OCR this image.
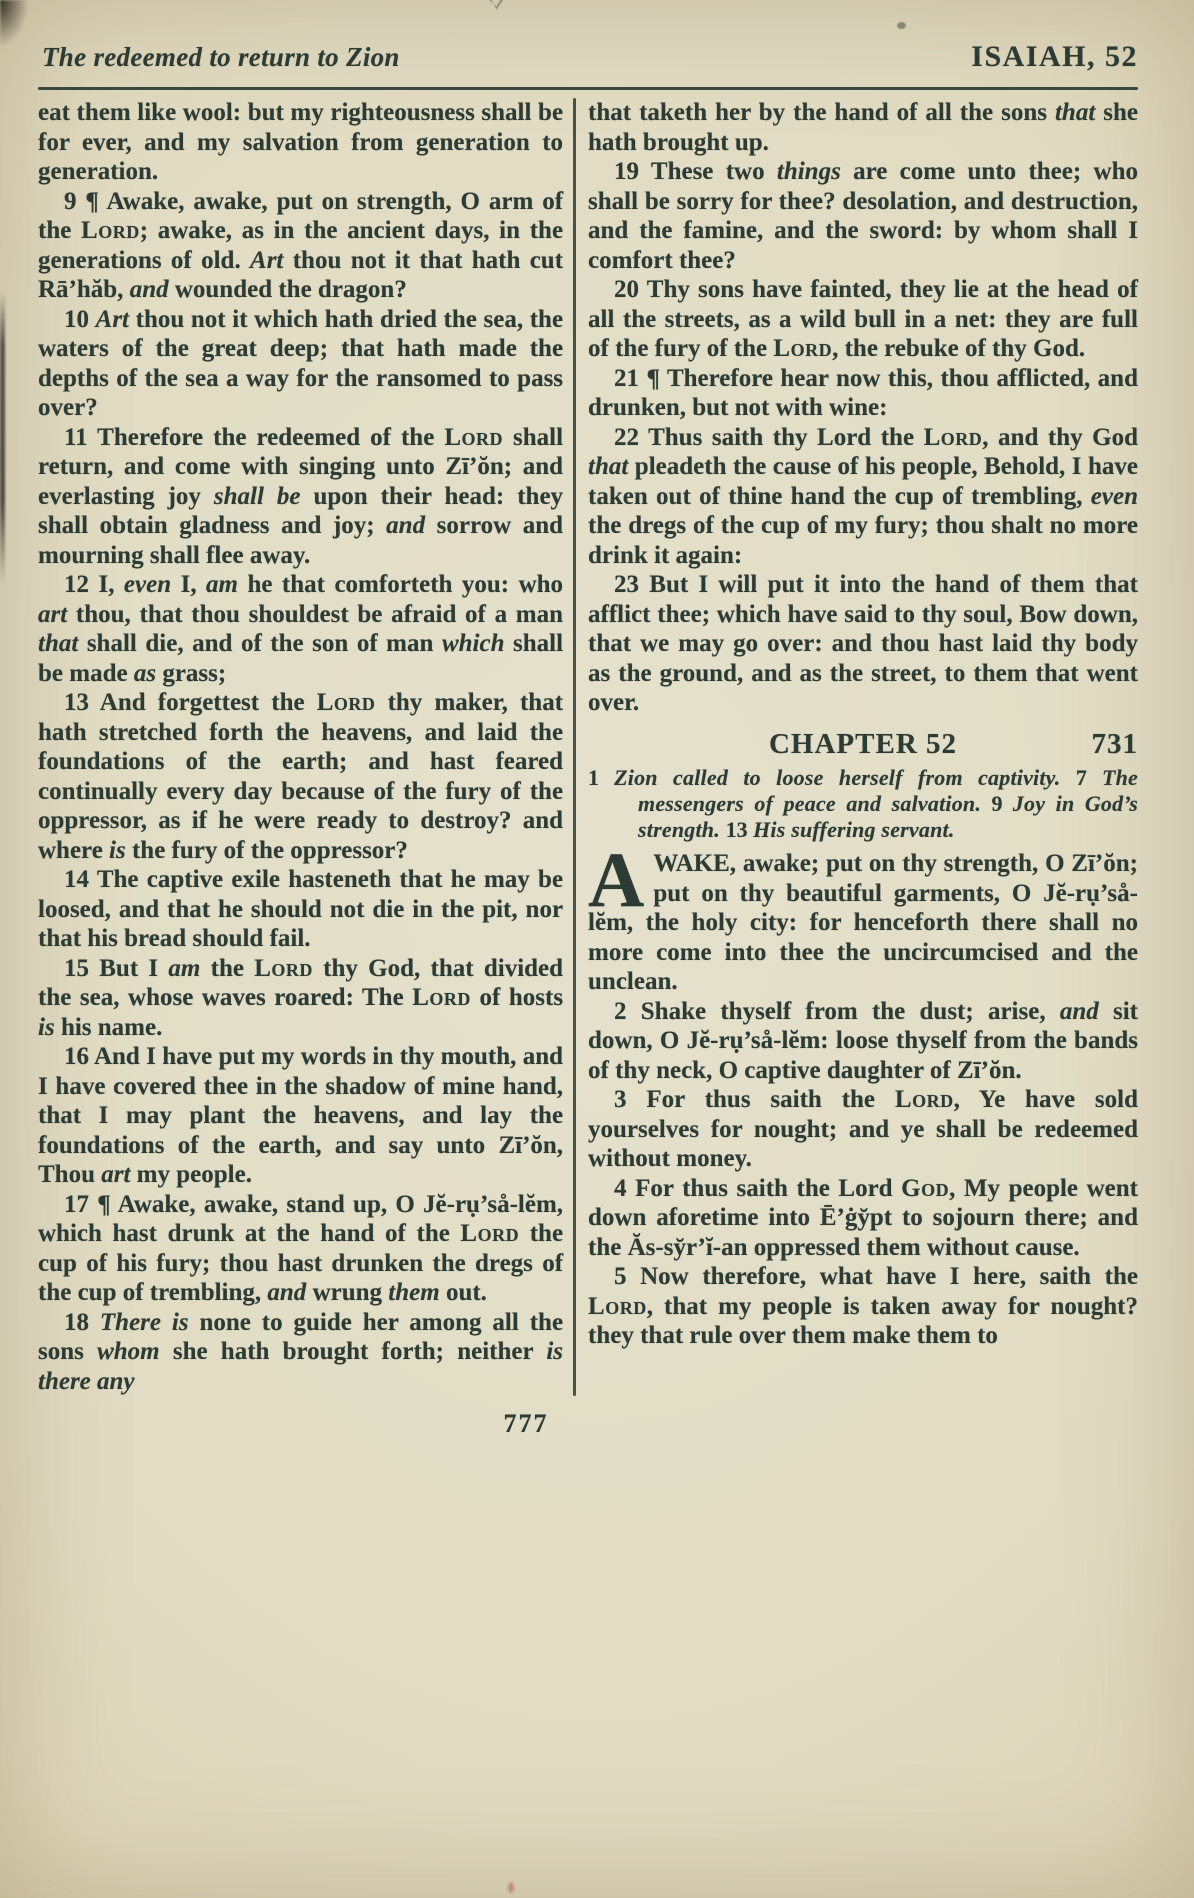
The redeemed to return to Zion	ISAIAH, 52

eat them like wool: but my righteousness shall be for ever, and my salvation from generation to generation.

9 ¶ Awake, awake, put on strength, O arm of the Lord; awake, as in the ancient days, in the generations of old. Art thou not it that hath cut Rā’hăb, and wounded the dragon?

10 Art thou not it which hath dried the sea, the waters of the great deep; that hath made the depths of the sea a way for the ransomed to pass over?

11 Therefore the redeemed of the Lord shall return, and come with singing unto Zī’ŏn; and everlasting joy shall be upon their head: they shall obtain gladness and joy; and sorrow and mourning shall flee away.

12 I, even I, am he that comforteth you: who art thou, that thou shouldest be afraid of a man that shall die, and of the son of man which shall be made as grass;

13 And forgettest the Lord thy maker, that hath stretched forth the heavens, and laid the foundations of the earth; and hast feared continually every day because of the fury of the oppressor, as if he were ready to destroy? and where is the fury of the oppressor?

14 The captive exile hasteneth that he may be loosed, and that he should not die in the pit, nor that his bread should fail.

15 But I am the Lord thy God, that divided the sea, whose waves roared: The Lord of hosts is his name.

16 And I have put my words in thy mouth, and I have covered thee in the shadow of mine hand, that I may plant the heavens, and lay the foundations of the earth, and say unto Zī’ŏn, Thou art my people.

17 ¶ Awake, awake, stand up, O Jĕ-rụ’så-lĕm, which hast drunk at the hand of the Lord the cup of his fury; thou hast drunken the dregs of the cup of trembling, and wrung them out.

18 There is none to guide her among all the sons whom she hath brought forth; neither is there any

that taketh her by the hand of all the sons that she hath brought up.

19 These two things are come unto thee; who shall be sorry for thee? desolation, and destruction, and the famine, and the sword: by whom shall I comfort thee?

20 Thy sons have fainted, they lie at the head of all the streets, as a wild bull in a net: they are full of the fury of the Lord, the rebuke of thy God.

21 ¶ Therefore hear now this, thou afflicted, and drunken, but not with wine:

22 Thus saith thy Lord the Lord, and thy God that pleadeth the cause of his people, Behold, I have taken out of thine hand the cup of trembling, even the dregs of the cup of my fury; thou shalt no more drink it again:

23 But I will put it into the hand of them that afflict thee; which have said to thy soul, Bow down, that we may go over: and thou hast laid thy body as the ground, and as the street, to them that went over.

CHAPTER 52	731

1 Zion called to loose herself from captivity. 7 The messengers of peace and salvation. 9 Joy in God’s strength. 13 His suffering servant.

AWAKE, awake; put on thy strength, O Zī’ŏn; put on thy beautiful garments, O Jĕ-rụ’så-lĕm, the holy city: for henceforth there shall no more come into thee the uncircumcised and the unclean.

2 Shake thyself from the dust; arise, and sit down, O Jĕ-rụ’så-lĕm: loose thyself from the bands of thy neck, O captive daughter of Zī’ŏn.

3 For thus saith the Lord, Ye have sold yourselves for nought; and ye shall be redeemed without money.

4 For thus saith the Lord God, My people went down aforetime into Ē’ġy̆pt to sojourn there; and the Ăs-sy̆r’ĭ-an oppressed them without cause.

5 Now therefore, what have I here, saith the Lord, that my people is taken away for nought? they that rule over them make them to

777
